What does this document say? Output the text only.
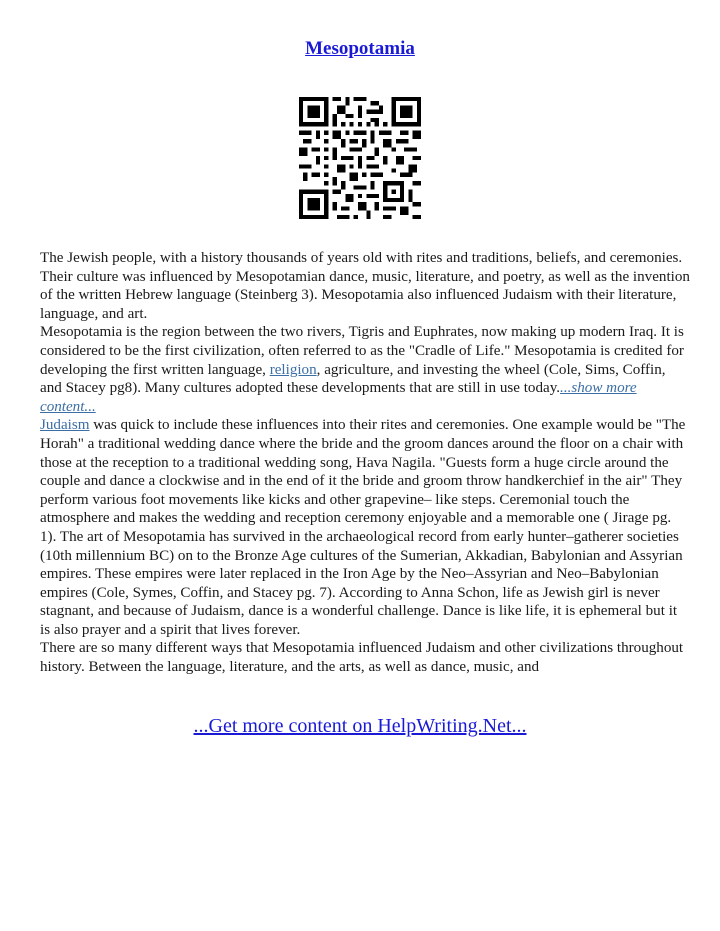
Mesopotamia

The Jewish people, with a history thousands of years old with rites and traditions, beliefs, and ceremonies. Their culture was influenced by Mesopotamian dance, music, literature, and poetry, as well as the invention of the written Hebrew language (Steinberg 3). Mesopotamia also influenced Judaism with their literature, language, and art.

Mesopotamia is the region between the two rivers, Tigris and Euphrates, now making up modern Iraq. It is considered to be the first civilization, often referred to as the "Cradle of Life." Mesopotamia is credited for developing the first written language, religion, agriculture, and investing the wheel (Cole, Sims, Coffin, and Stacey pg8). Many cultures adopted these developments that are still in use today....show more content...

Judaism was quick to include these influences into their rites and ceremonies. One example would be "The Horah" a traditional wedding dance where the bride and the groom dances around the floor on a chair with those at the reception to a traditional wedding song, Hava Nagila. "Guests form a huge circle around the couple and dance a clockwise and in the end of it the bride and groom throw handkerchief in the air" They perform various foot movements like kicks and other grapevine– like steps. Ceremonial touch the atmosphere and makes the wedding and reception ceremony enjoyable and a memorable one ( Jirage pg. 1). The art of Mesopotamia has survived in the archaeological record from early hunter–gatherer societies (10th millennium BC) on to the Bronze Age cultures of the Sumerian, Akkadian, Babylonian and Assyrian empires. These empires were later replaced in the Iron Age by the Neo–Assyrian and Neo–Babylonian empires (Cole, Symes, Coffin, and Stacey pg. 7). According to Anna Schon, life as Jewish girl is never stagnant, and because of Judaism, dance is a wonderful challenge. Dance is like life, it is ephemeral but it is also prayer and a spirit that lives forever.

There are so many different ways that Mesopotamia influenced Judaism and other civilizations throughout history. Between the language, literature, and the arts, as well as dance, music, and

...Get more content on HelpWriting.Net...
